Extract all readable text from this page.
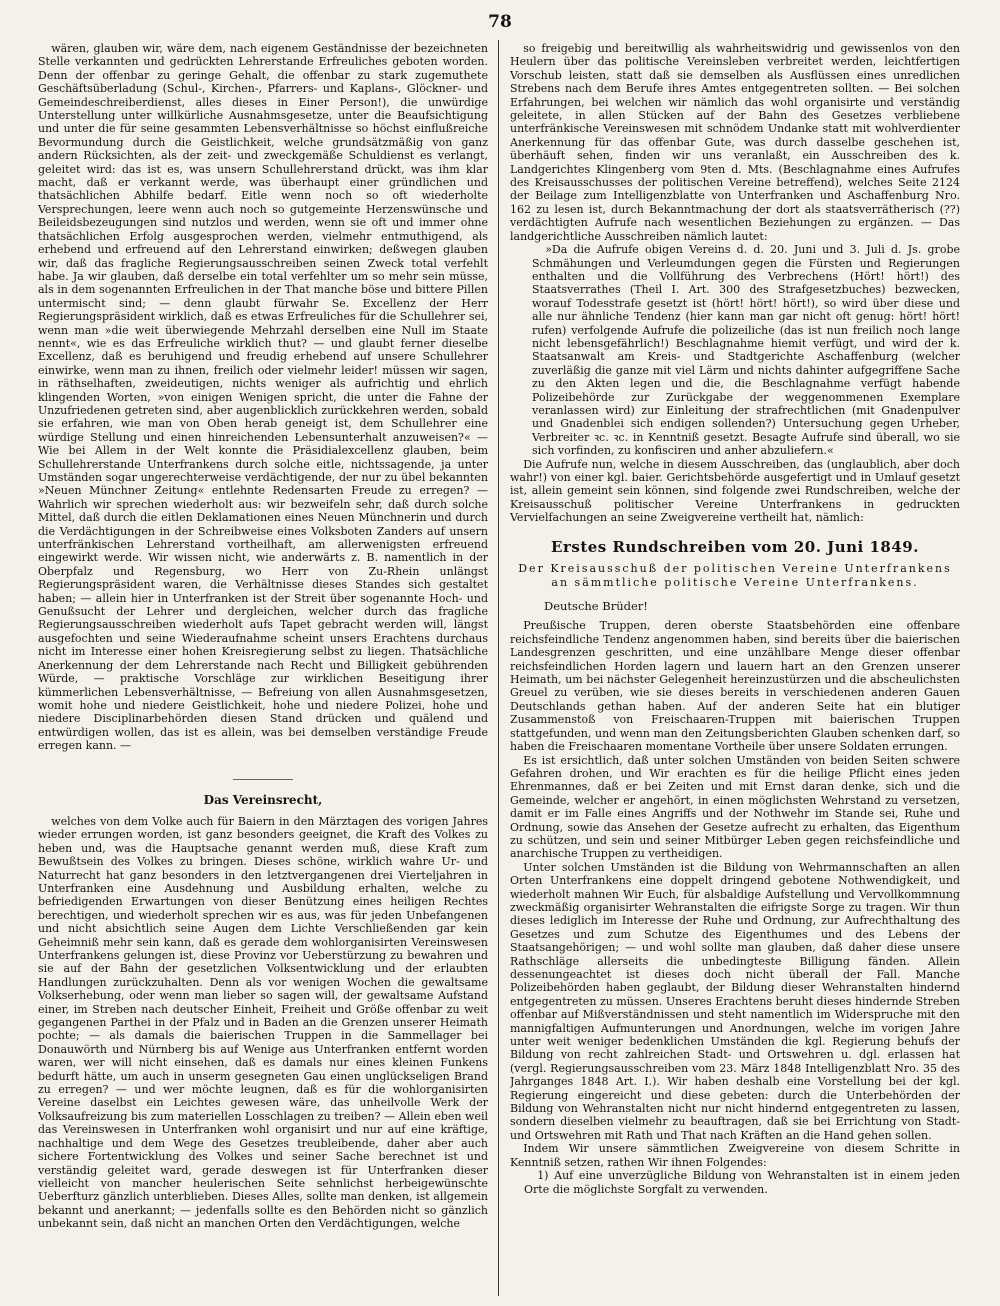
78

wären, glauben wir, wäre dem, nach eigenem Geständnisse der bezeichneten Stelle verkannten und gedrückten Lehrerstande Erfreuliches geboten worden. Denn der offenbar zu geringe Gehalt, die offenbar zu stark zugemuthete Geschäftsüberladung (Schul-, Kirchen-, Pfarrers- und Kaplans-, Glöckner- und Gemeindeschreiberdienst, alles dieses in Einer Person!), die unwürdige Unterstellung unter willkürliche Ausnahmsgesetze, unter die Beaufsichtigung und unter die für seine gesammten Lebensverhältnisse so höchst einflußreiche Bevormundung durch die Geistlichkeit, welche grundsätzmäßig von ganz andern Rücksichten, als der zeit- und zweckgemäße Schuldienst es verlangt, geleitet wird: das ist es, was unsern Schullehrerstand drückt, was ihm klar macht, daß er verkannt werde, was überhaupt einer gründlichen und thatsächlichen Abhilfe bedarf. Eitle wenn noch so oft wiederholte Versprechungen, leere wenn auch noch so gutgemeinte Herzenswünsche und Beileidsbezeugungen sind nutzlos und werden, wenn sie oft und immer ohne thatsächlichen Erfolg ausgesprochen werden, vielmehr entmuthigend, als erhebend und erfreuend auf den Lehrerstand einwirken; deßwegen glauben wir, daß das fragliche Regierungsausschreiben seinen Zweck total verfehlt habe. Ja wir glauben, daß derselbe ein total verfehlter um so mehr sein müsse, als in dem sogenannten Erfreulichen in der That manche böse und bittere Pillen untermischt sind; — denn glaubt fürwahr Se. Excellenz der Herr Regierungspräsident wirklich, daß es etwas Erfreuliches für die Schullehrer sei, wenn man »die weit überwiegende Mehrzahl derselben eine Null im Staate nennt«, wie es das Erfreuliche wirklich thut? — und glaubt ferner dieselbe Excellenz, daß es beruhigend und freudig erhebend auf unsere Schullehrer einwirke, wenn man zu ihnen, freilich oder vielmehr leider! müssen wir sagen, in räthselhaften, zweideutigen, nichts weniger als aufrichtig und ehrlich klingenden Worten, »von einigen Wenigen spricht, die unter die Fahne der Unzufriedenen getreten sind, aber augenblicklich zurückkehren werden, sobald sie erfahren, wie man von Oben herab geneigt ist, dem Schullehrer eine würdige Stellung und einen hinreichenden Lebensunterhalt anzuweisen?« — Wie bei Allem in der Welt konnte die Präsidialexcellenz glauben, beim Schullehrerstande Unterfrankens durch solche eitle, nichtssagende, ja unter Umständen sogar ungerechterweise verdächtigende, der nur zu übel bekannten »Neuen Münchner Zeitung« entlehnte Redensarten Freude zu erregen? — Wahrlich wir sprechen wiederholt aus: wir bezweifeln sehr, daß durch solche Mittel, daß durch die eitlen Deklamationen eines Neuen Münchnerin und durch die Verdächtigungen in der Schreibweise eines Volksboten Zanders auf unsern unterfränkischen Lehrerstand vortheilhaft, am allerwenigsten erfreuend eingewirkt werde. Wir wissen nicht, wie anderwärts z. B. namentlich in der Oberpfalz und Regensburg, wo Herr von Zu-Rhein unlängst Regierungspräsident waren, die Verhältnisse dieses Standes sich gestaltet haben; — allein hier in Unterfranken ist der Streit über sogenannte Hoch- und Genußsucht der Lehrer und dergleichen, welcher durch das fragliche Regierungsausschreiben wiederholt aufs Tapet gebracht werden will, längst ausgefochten und seine Wiederaufnahme scheint unsers Erachtens durchaus nicht im Interesse einer hohen Kreisregierung selbst zu liegen. Thatsächliche Anerkennung der dem Lehrerstande nach Recht und Billigkeit gebührenden Würde, — praktische Vorschläge zur wirklichen Beseitigung ihrer kümmerlichen Lebensverhältnisse, — Befreiung von allen Ausnahmsgesetzen, womit hohe und niedere Geistlichkeit, hohe und niedere Polizei, hohe und niedere Disciplinarbehörden diesen Stand drücken und quälend und entwürdigen wollen, das ist es allein, was bei demselben verständige Freude erregen kann. —

Das Vereinsrecht,

welches von dem Volke auch für Baiern in den Märztagen des vorigen Jahres wieder errungen worden, ist ganz besonders geeignet, die Kraft des Volkes zu heben und, was die Hauptsache genannt werden muß, diese Kraft zum Bewußtsein des Volkes zu bringen. Dieses schöne, wirklich wahre Ur- und Naturrecht hat ganz besonders in den letztvergangenen drei Vierteljahren in Unterfranken eine Ausdehnung und Ausbildung erhalten, welche zu befriedigenden Erwartungen von dieser Benützung eines heiligen Rechtes berechtigen, und wiederholt sprechen wir es aus, was für jeden Unbefangenen und nicht absichtlich seine Augen dem Lichte Verschließenden gar kein Geheimniß mehr sein kann, daß es gerade dem wohlorganisirten Vereinswesen Unterfrankens gelungen ist, diese Provinz vor Ueberstürzung zu bewahren und sie auf der Bahn der gesetzlichen Volksentwicklung und der erlaubten Handlungen zurückzuhalten. Denn als vor wenigen Wochen die gewaltsame Volkserhebung, oder wenn man lieber so sagen will, der gewaltsame Aufstand einer, im Streben nach deutscher Einheit, Freiheit und Größe offenbar zu weit gegangenen Parthei in der Pfalz und in Baden an die Grenzen unserer Heimath pochte; — als damals die baierischen Truppen in die Sammellager bei Donauwörth und Nürnberg bis auf Wenige aus Unterfranken entfernt worden waren, wer will nicht einsehen, daß es damals nur eines kleinen Funkens bedurft hätte, um auch in unserm gesegneten Gau einen unglückseligen Brand zu erregen? — und wer möchte leugnen, daß es für die wohlorganisirten Vereine daselbst ein Leichtes gewesen wäre, das unheilvolle Werk der Volksaufreizung bis zum materiellen Losschlagen zu treiben? — Allein eben weil das Vereinswesen in Unterfranken wohl organisirt und nur auf eine kräftige, nachhaltige und dem Wege des Gesetzes treubleibende, daher aber auch sichere Fortentwicklung des Volkes und seiner Sache berechnet ist und verständig geleitet ward, gerade deswegen ist für Unterfranken dieser vielleicht von mancher heulerischen Seite sehnlichst herbeigewünschte Ueberfturz gänzlich unterblieben. Dieses Alles, sollte man denken, ist allgemein bekannt und anerkannt; — jedenfalls sollte es den Behörden nicht so gänzlich unbekannt sein, daß nicht an manchen Orten den Verdächtigungen, welche

so freigebig und bereitwillig als wahrheitswidrig und gewissenlos von den Heulern über das politische Vereinsleben verbreitet werden, leichtfertigen Vorschub leisten, statt daß sie demselben als Ausflüssen eines unredlichen Strebens nach dem Berufe ihres Amtes entgegentreten sollten. — Bei solchen Erfahrungen, bei welchen wir nämlich das wohl organisirte und verständig geleitete, in allen Stücken auf der Bahn des Gesetzes verbliebene unterfränkische Vereinswesen mit schnödem Undanke statt mit wohlverdienter Anerkennung für das offenbar Gute, was durch dasselbe geschehen ist, überhäuft sehen, finden wir uns veranlaßt, ein Ausschreiben des k. Landgerichtes Klingenberg vom 9ten d. Mts. (Beschlagnahme eines Aufrufes des Kreisausschusses der politischen Vereine betreffend), welches Seite 2124 der Beilage zum Intelligenzblatte von Unterfranken und Aschaffenburg Nro. 162 zu lesen ist, durch Bekanntmachung der dort als staatsverrätherisch (??) verdächtigten Aufrufe nach wesentlichen Beziehungen zu ergänzen. — Das landgerichtliche Ausschreiben nämlich lautet:

»Da die Aufrufe obigen Vereins d. d. 20. Juni und 3. Juli d. Js. grobe Schmähungen und Verleumdungen gegen die Fürsten und Regierungen enthalten und die Vollführung des Verbrechens (Hört! hört!) des Staatsverrathes (Theil I. Art. 300 des Strafgesetzbuches) bezwecken, worauf Todesstrafe gesetzt ist (hört! hört! hört!), so wird über diese und alle nur ähnliche Tendenz (hier kann man gar nicht oft genug: hört! hört! rufen) verfolgende Aufrufe die polizeiliche (das ist nun freilich noch lange nicht lebensgefährlich!) Beschlagnahme hiemit verfügt, und wird der k. Staatsanwalt am Kreis- und Stadtgerichte Aschaffenburg (welcher zuverläßig die ganze mit viel Lärm und nichts dahinter aufgegriffene Sache zu den Akten legen und die, die Beschlagnahme verfügt habende Polizeibehörde zur Zurückgabe der weggenommenen Exemplare veranlassen wird) zur Einleitung der strafrechtlichen (mit Gnadenpulver und Gnadenblei sich endigen sollenden?) Untersuchung gegen Urheber, Verbreiter ꝛc. ꝛc. in Kenntniß gesetzt. Besagte Aufrufe sind überall, wo sie sich vorfinden, zu konfisciren und anher abzuliefern.«

Die Aufrufe nun, welche in diesem Ausschreiben, das (unglaublich, aber doch wahr!) von einer kgl. baier. Gerichtsbehörde ausgefertigt und in Umlauf gesetzt ist, allein gemeint sein können, sind folgende zwei Rundschreiben, welche der Kreisausschuß politischer Vereine Unterfrankens in gedruckten Vervielfachungen an seine Zweigvereine vertheilt hat, nämlich:

Erstes Rundschreiben vom 20. Juni 1849.
Der Kreisausschuß der politischen Vereine Unterfrankens
an sämmtliche politische Vereine Unterfrankens.
Deutsche Brüder!

Preußische Truppen, deren oberste Staatsbehörden eine offenbare reichsfeindliche Tendenz angenommen haben, sind bereits über die baierischen Landesgrenzen geschritten, und eine unzählbare Menge dieser offenbar reichsfeindlichen Horden lagern und lauern hart an den Grenzen unserer Heimath, um bei nächster Gelegenheit hereinzustürzen und die abscheulichsten Greuel zu verüben, wie sie dieses bereits in verschiedenen anderen Gauen Deutschlands gethan haben. Auf der anderen Seite hat ein blutiger Zusammenstoß von Freischaaren-Truppen mit baierischen Truppen stattgefunden, und wenn man den Zeitungsberichten Glauben schenken darf, so haben die Freischaaren momentane Vortheile über unsere Soldaten errungen.

Es ist ersichtlich, daß unter solchen Umständen von beiden Seiten schwere Gefahren drohen, und Wir erachten es für die heilige Pflicht eines jeden Ehrenmannes, daß er bei Zeiten und mit Ernst daran denke, sich und die Gemeinde, welcher er angehört, in einen möglichsten Wehrstand zu versetzen, damit er im Falle eines Angriffs und der Nothwehr im Stande sei, Ruhe und Ordnung, sowie das Ansehen der Gesetze aufrecht zu erhalten, das Eigenthum zu schützen, und sein und seiner Mitbürger Leben gegen reichsfeindliche und anarchische Truppen zu vertheidigen.

Unter solchen Umständen ist die Bildung von Wehrmannschaften an allen Orten Unterfrankens eine doppelt dringend gebotene Nothwendigkeit, und wiederholt mahnen Wir Euch, für alsbaldige Aufstellung und Vervollkommnung zweckmäßig organisirter Wehranstalten die eifrigste Sorge zu tragen. Wir thun dieses lediglich im Interesse der Ruhe und Ordnung, zur Aufrechthaltung des Gesetzes und zum Schutze des Eigenthumes und des Lebens der Staatsangehörigen; — und wohl sollte man glauben, daß daher diese unsere Rathschläge allerseits die unbedingteste Billigung fänden. Allein dessenungeachtet ist dieses doch nicht überall der Fall. Manche Polizeibehörden haben geglaubt, der Bildung dieser Wehranstalten hindernd entgegentreten zu müssen. Unseres Erachtens beruht dieses hindernde Streben offenbar auf Mißverständnissen und steht namentlich im Widerspruche mit den mannigfaltigen Aufmunterungen und Anordnungen, welche im vorigen Jahre unter weit weniger bedenklichen Umständen die kgl. Regierung behufs der Bildung von recht zahlreichen Stadt- und Ortswehren u. dgl. erlassen hat (vergl. Regierungsausschreiben vom 23. März 1848 Intelligenzblatt Nro. 35 des Jahrganges 1848 Art. I.). Wir haben deshalb eine Vorstellung bei der kgl. Regierung eingereicht und diese gebeten: durch die Unterbehörden der Bildung von Wehranstalten nicht nur nicht hindernd entgegentreten zu lassen, sondern dieselben vielmehr zu beauftragen, daß sie bei Errichtung von Stadt- und Ortswehren mit Rath und That nach Kräften an die Hand gehen sollen.

Indem Wir unsere sämmtlichen Zweigvereine von diesem Schritte in Kenntniß setzen, rathen Wir ihnen Folgendes:

1) Auf eine unverzügliche Bildung von Wehranstalten ist in einem jeden Orte die möglichste Sorgfalt zu verwenden.
